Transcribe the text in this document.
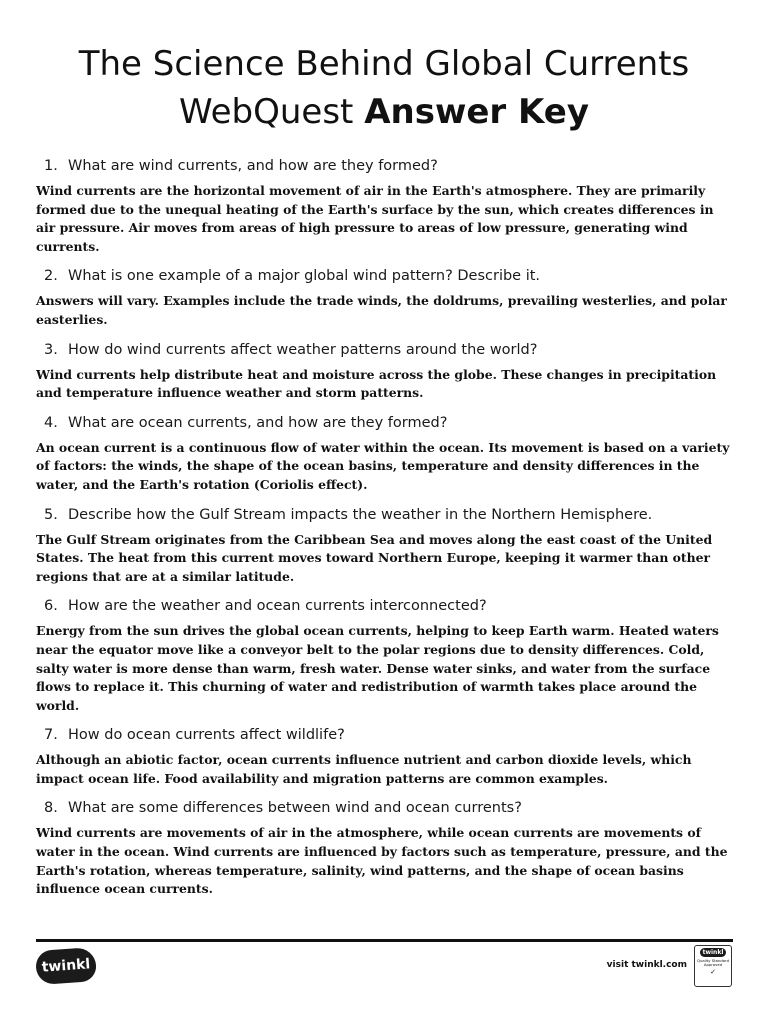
The Science Behind Global Currents
WebQuest Answer Key
1. What are wind currents, and how are they formed?

Wind currents are the horizontal movement of air in the Earth's atmosphere. They are primarily formed due to the unequal heating of the Earth's surface by the sun, which creates differences in air pressure. Air moves from areas of high pressure to areas of low pressure, generating wind currents.

2. What is one example of a major global wind pattern? Describe it.

Answers will vary. Examples include the trade winds, the doldrums, prevailing westerlies, and polar easterlies.

3. How do wind currents affect weather patterns around the world?

Wind currents help distribute heat and moisture across the globe. These changes in precipitation and temperature influence weather and storm patterns.

4. What are ocean currents, and how are they formed?

An ocean current is a continuous flow of water within the ocean. Its movement is based on a variety of factors: the winds, the shape of the ocean basins, temperature and density differences in the water, and the Earth's rotation (Coriolis effect).

5. Describe how the Gulf Stream impacts the weather in the Northern Hemisphere.

The Gulf Stream originates from the Caribbean Sea and moves along the east coast of the United States. The heat from this current moves toward Northern Europe, keeping it warmer than other regions that are at a similar latitude.

6. How are the weather and ocean currents interconnected?

Energy from the sun drives the global ocean currents, helping to keep Earth warm. Heated waters near the equator move like a conveyor belt to the polar regions due to density differences. Cold, salty water is more dense than warm, fresh water. Dense water sinks, and water from the surface flows to replace it. This churning of water and redistribution of warmth takes place around the world.

7. How do ocean currents affect wildlife?

Although an abiotic factor, ocean currents influence nutrient and carbon dioxide levels, which impact ocean life. Food availability and migration patterns are common examples.

8. What are some differences between wind and ocean currents?

Wind currents are movements of air in the atmosphere, while ocean currents are movements of water in the ocean. Wind currents are influenced by factors such as temperature, pressure, and the Earth's rotation, whereas temperature, salinity, wind patterns, and the shape of ocean basins influence ocean currents.

twinkl	visit twinkl.com
twinkl
Quality Standard Approved
✓
